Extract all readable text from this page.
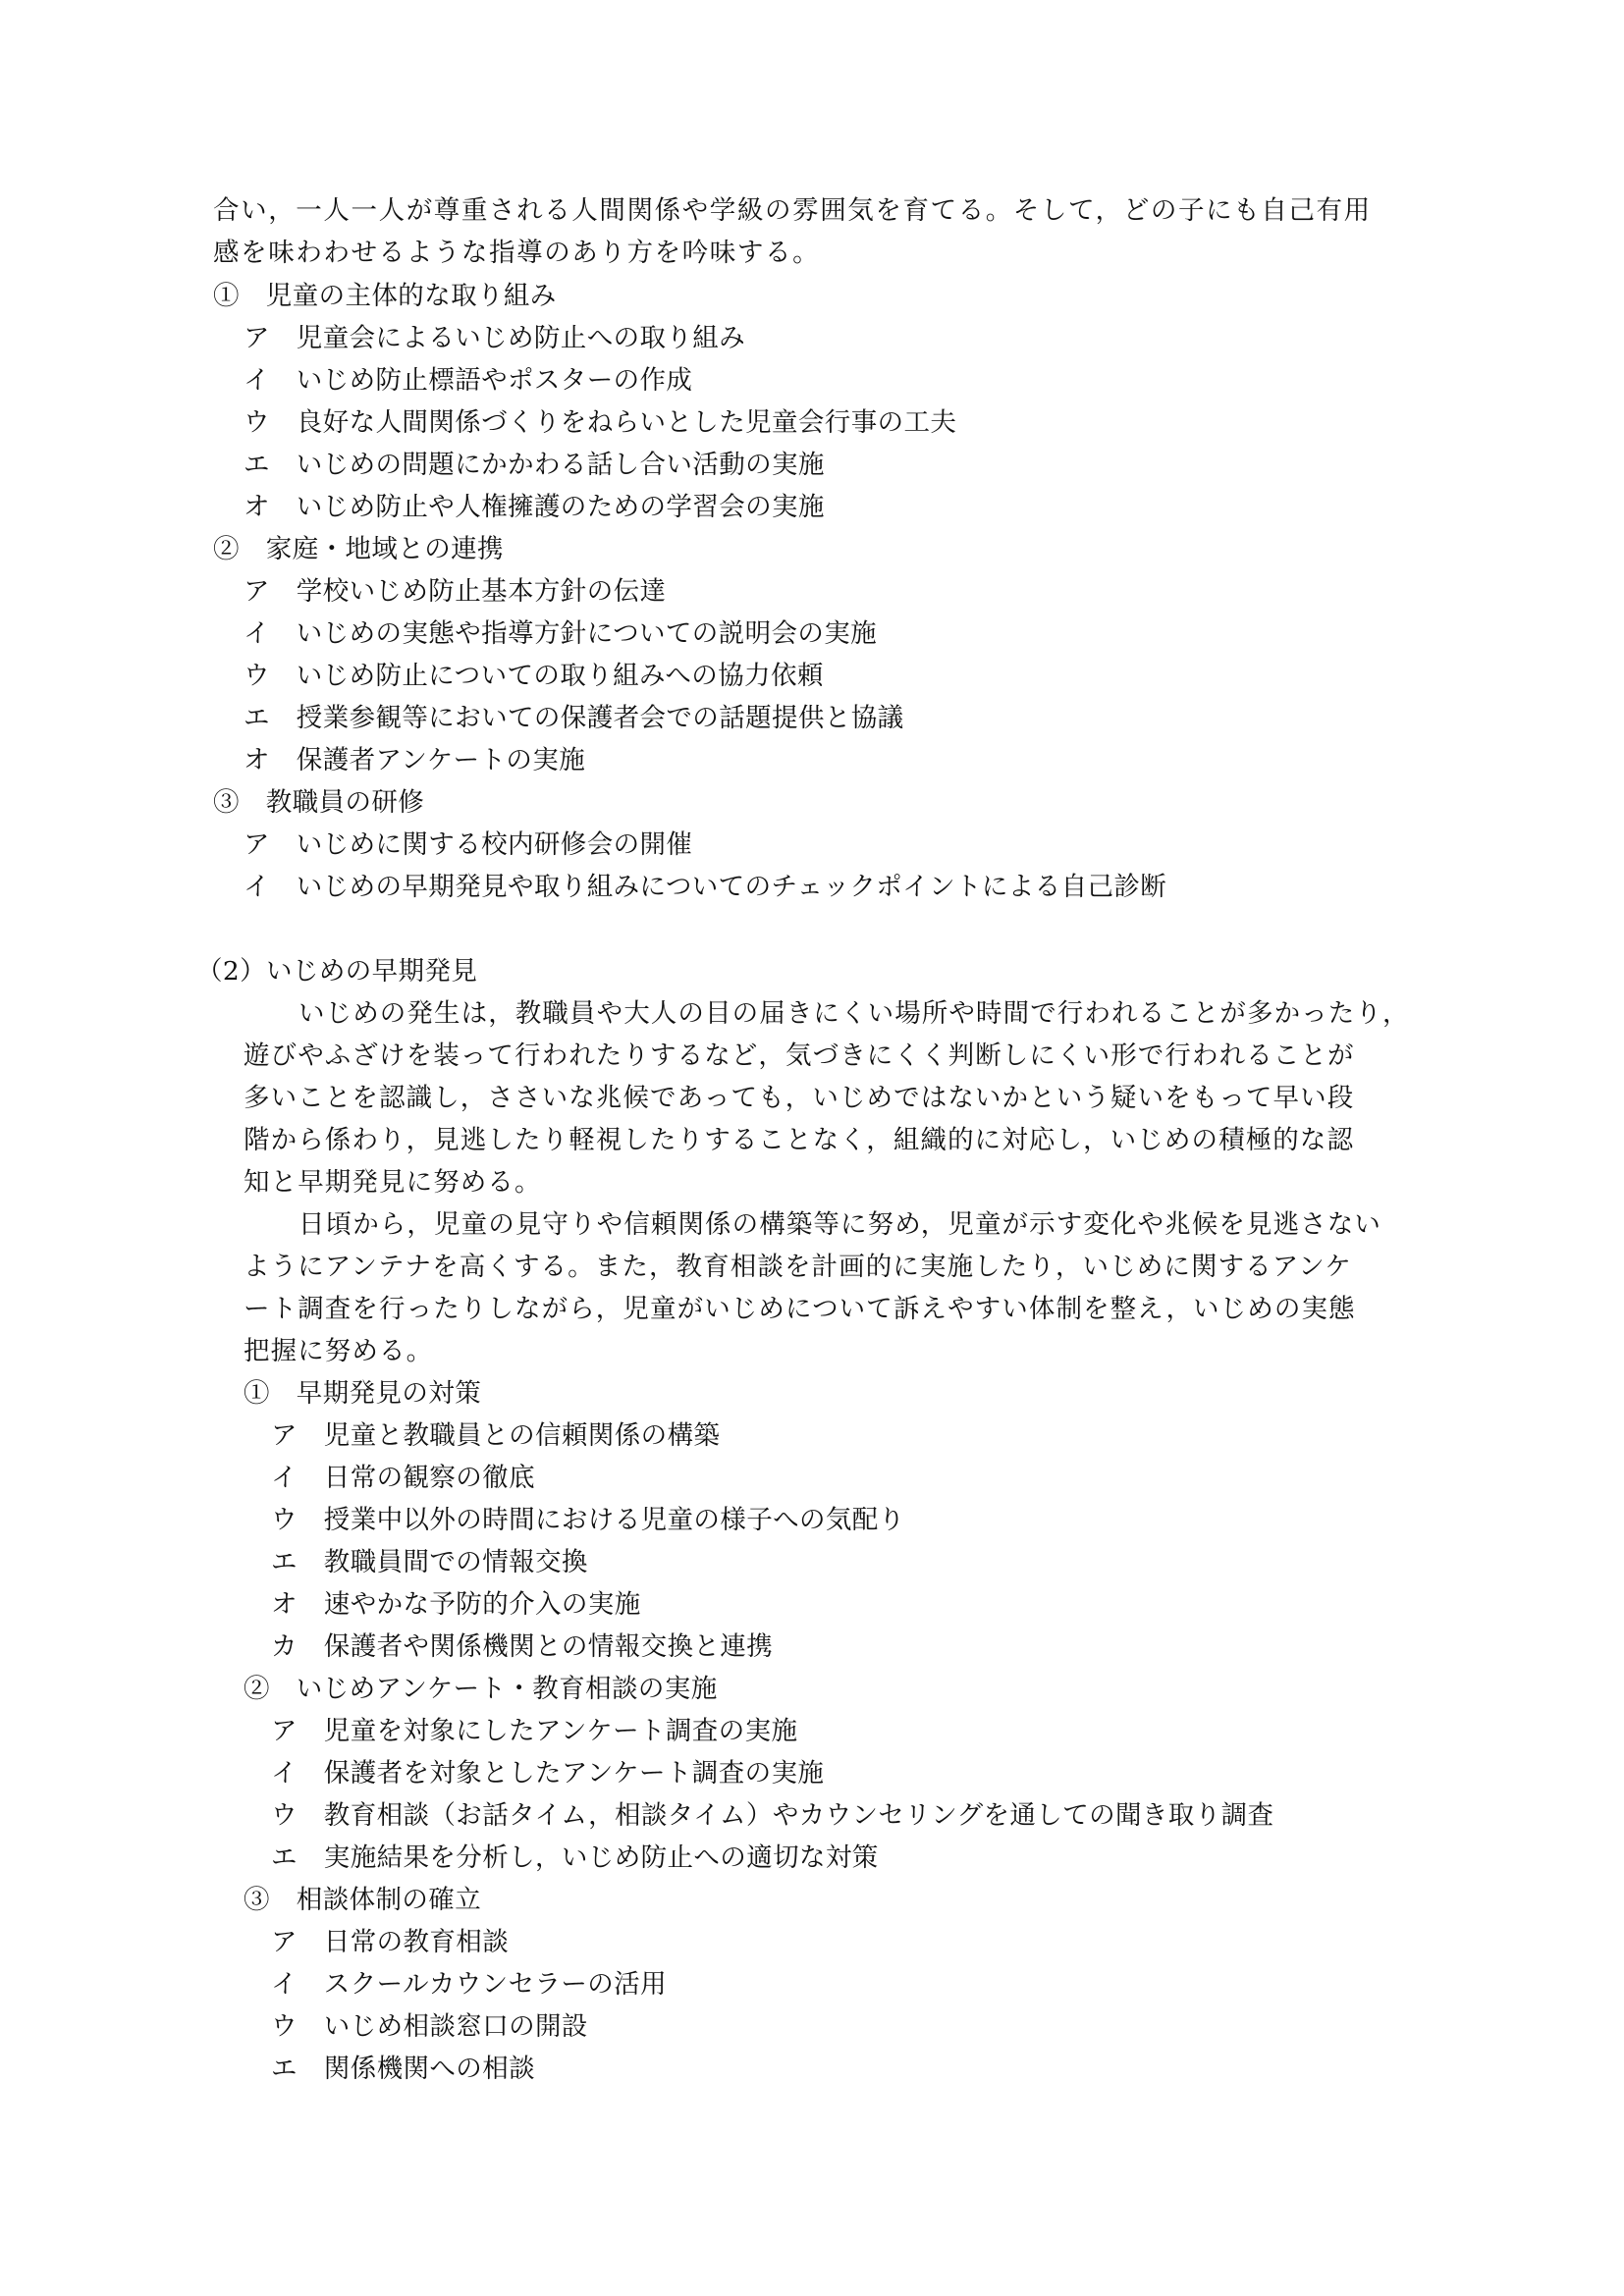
合い，一人一人が尊重される人間関係や学級の雰囲気を育てる。そして，どの子にも自己有用
感を味わわせるような指導のあり方を吟味する。
①　児童の主体的な取り組み
ア　児童会によるいじめ防止への取り組み
イ　いじめ防止標語やポスターの作成
ウ　良好な人間関係づくりをねらいとした児童会行事の工夫
エ　いじめの問題にかかわる話し合い活動の実施
オ　いじめ防止や人権擁護のための学習会の実施
②　家庭・地域との連携
ア　学校いじめ防止基本方針の伝達
イ　いじめの実態や指導方針についての説明会の実施
ウ　いじめ防止についての取り組みへの協力依頼
エ　授業参観等においての保護者会での話題提供と協議
オ　保護者アンケートの実施
③　教職員の研修
ア　いじめに関する校内研修会の開催
イ　いじめの早期発見や取り組みについてのチェックポイントによる自己診断
（2）いじめの早期発見
いじめの発生は，教職員や大人の目の届きにくい場所や時間で行われることが多かったり，
遊びやふざけを装って行われたりするなど，気づきにくく判断しにくい形で行われることが
多いことを認識し，ささいな兆候であっても，いじめではないかという疑いをもって早い段
階から係わり，見逃したり軽視したりすることなく，組織的に対応し，いじめの積極的な認
知と早期発見に努める。
日頃から，児童の見守りや信頼関係の構築等に努め，児童が示す変化や兆候を見逃さない
ようにアンテナを高くする。また，教育相談を計画的に実施したり，いじめに関するアンケ
ート調査を行ったりしながら，児童がいじめについて訴えやすい体制を整え，いじめの実態
把握に努める。
①　早期発見の対策
ア　児童と教職員との信頼関係の構築
イ　日常の観察の徹底
ウ　授業中以外の時間における児童の様子への気配り
エ　教職員間での情報交換
オ　速やかな予防的介入の実施
カ　保護者や関係機関との情報交換と連携
②　いじめアンケート・教育相談の実施
ア　児童を対象にしたアンケート調査の実施
イ　保護者を対象としたアンケート調査の実施
ウ　教育相談（お話タイム，相談タイム）やカウンセリングを通しての聞き取り調査
エ　実施結果を分析し，いじめ防止への適切な対策
③　相談体制の確立
ア　日常の教育相談
イ　スクールカウンセラーの活用
ウ　いじめ相談窓口の開設
エ　関係機関への相談
